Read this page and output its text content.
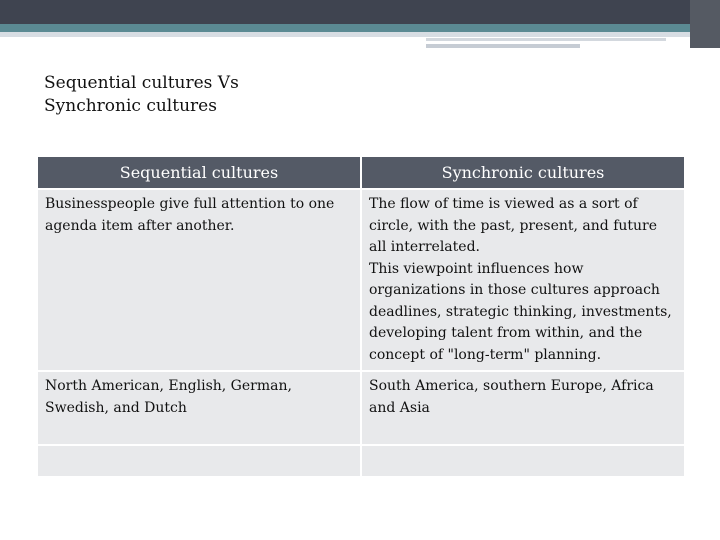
Sequential cultures Vs
Synchronic cultures
Sequential cultures	Synchronic cultures
Businesspeople give full attention to one agenda item after another.	The flow of time is viewed as a sort of circle, with the past, present, and future all interrelated.
This viewpoint influences how organizations in those cultures approach deadlines, strategic thinking, investments, developing talent from within, and the concept of "long-term" planning.

North American, English, German, Swedish, and Dutch	South America, southern Europe, Africa and Asia
